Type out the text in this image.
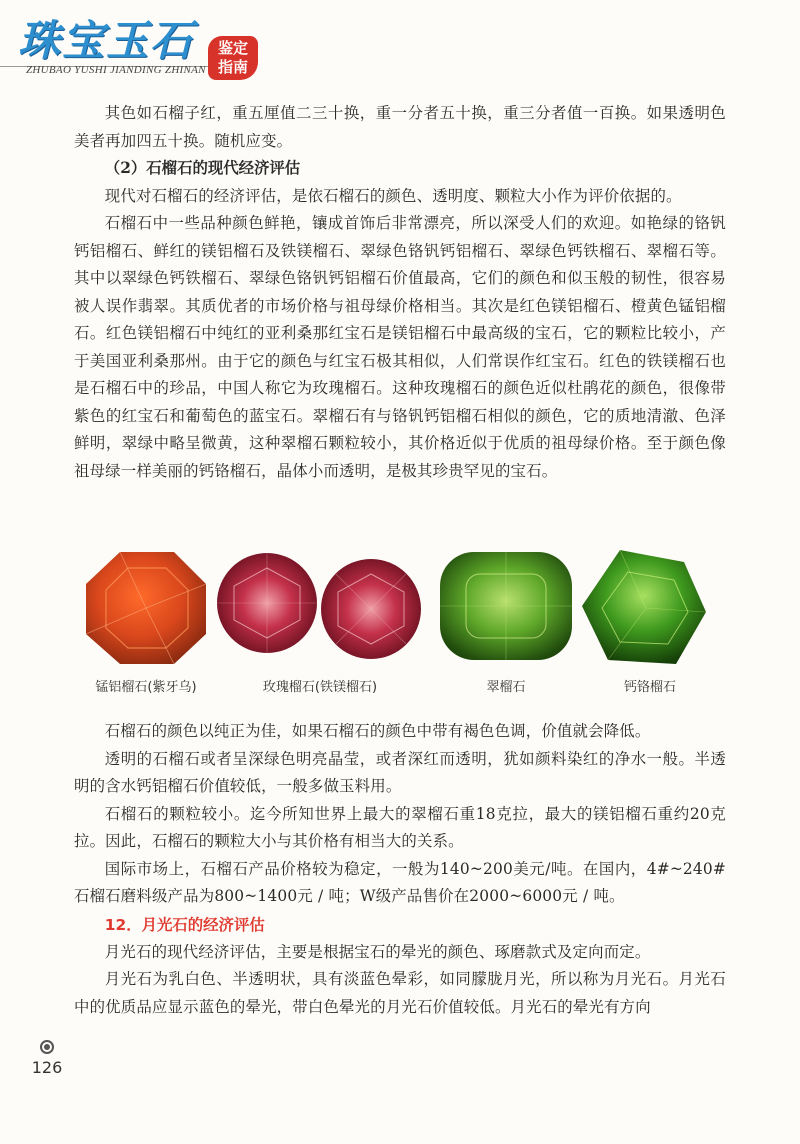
珠宝玉石
ZHUBAO YUSHI JIANDING ZHINAN
鉴定
指南

其色如石榴子红，重五厘值二三十换，重一分者五十换，重三分者值一百换。如果透明色美者再加四五十换。随机应变。

（2）石榴石的现代经济评估

现代对石榴石的经济评估，是依石榴石的颜色、透明度、颗粒大小作为评价依据的。

石榴石中一些品种颜色鲜艳，镶成首饰后非常漂亮，所以深受人们的欢迎。如艳绿的铬钒钙铝榴石、鲜红的镁铝榴石及铁镁榴石、翠绿色铬钒钙铝榴石、翠绿色钙铁榴石、翠榴石等。其中以翠绿色钙铁榴石、翠绿色铬钒钙铝榴石价值最高，它们的颜色和似玉般的韧性，很容易被人误作翡翠。其质优者的市场价格与祖母绿价格相当。其次是红色镁铝榴石、橙黄色锰铝榴石。红色镁铝榴石中纯红的亚利桑那红宝石是镁铝榴石中最高级的宝石，它的颗粒比较小，产于美国亚利桑那州。由于它的颜色与红宝石极其相似，人们常误作红宝石。红色的铁镁榴石也是石榴石中的珍品，中国人称它为玫瑰榴石。这种玫瑰榴石的颜色近似杜鹃花的颜色，很像带紫色的红宝石和葡萄色的蓝宝石。翠榴石有与铬钒钙铝榴石相似的颜色，它的质地清澈、色泽鲜明，翠绿中略呈微黄，这种翠榴石颗粒较小，其价格近似于优质的祖母绿价格。至于颜色像祖母绿一样美丽的钙铬榴石，晶体小而透明，是极其珍贵罕见的宝石。

锰铝榴石(紫牙乌)	玫瑰榴石(铁镁榴石)	翠榴石	钙铬榴石

石榴石的颜色以纯正为佳，如果石榴石的颜色中带有褐色色调，价值就会降低。

透明的石榴石或者呈深绿色明亮晶莹，或者深红而透明，犹如颜料染红的净水一般。半透明的含水钙铝榴石价值较低，一般多做玉料用。

石榴石的颗粒较小。迄今所知世界上最大的翠榴石重18克拉，最大的镁铝榴石重约20克拉。因此，石榴石的颗粒大小与其价格有相当大的关系。

国际市场上，石榴石产品价格较为稳定，一般为140~200美元/吨。在国内，4#~240#石榴石磨料级产品为800~1400元 / 吨；W级产品售价在2000~6000元 / 吨。

12．月光石的经济评估

月光石的现代经济评估，主要是根据宝石的晕光的颜色、琢磨款式及定向而定。

月光石为乳白色、半透明状，具有淡蓝色晕彩，如同朦胧月光，所以称为月光石。月光石中的优质品应显示蓝色的晕光，带白色晕光的月光石价值较低。月光石的晕光有方向

126
